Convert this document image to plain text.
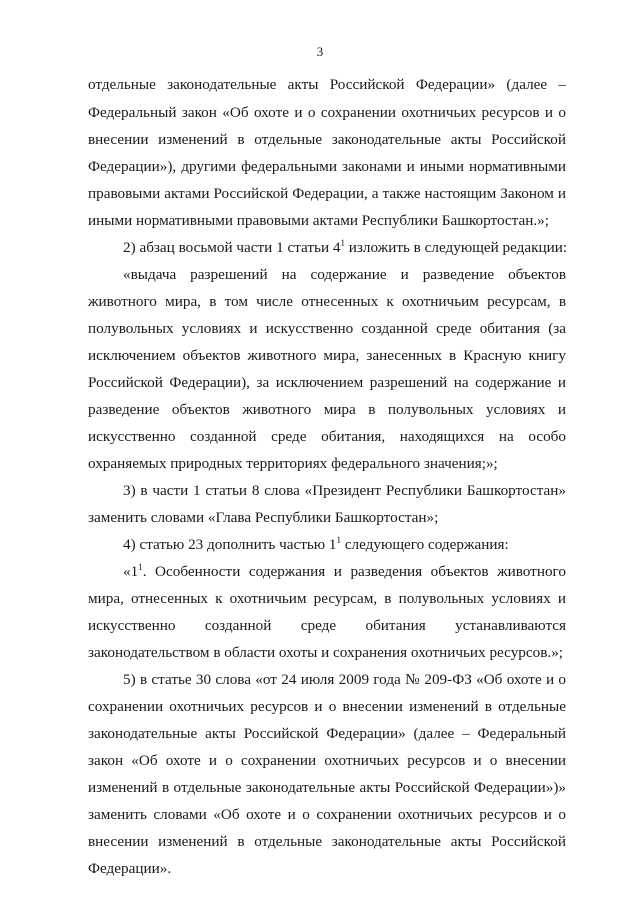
3
отдельные законодательные акты Российской Федерации» (далее –
Федеральный закон «Об охоте и о сохранении охотничьих ресурсов и о
внесении изменений в отдельные законодательные акты Российской
Федерации»), другими федеральными законами и иными нормативными
правовыми актами Российской Федерации, а также настоящим Законом и
иными нормативными правовыми актами Республики Башкортостан.»;
2) абзац восьмой части 1 статьи $4^1$ изложить в следующей редакции:
«выдача разрешений на содержание и разведение объектов
животного мира, в том числе отнесенных к охотничьим ресурсам, в
полувольных условиях и искусственно созданной среде обитания (за
исключением объектов животного мира, занесенных в Красную книгу
Российской Федерации), за исключением разрешений на содержание и
разведение объектов животного мира в полувольных условиях и
искусственно созданной среде обитания, находящихся на особо
охраняемых природных территориях федерального значения;»;
3) в части 1 статьи 8 слова «Президент Республики Башкортостан»
заменить словами «Глава Республики Башкортостан»;
4) статью 23 дополнить частью $1^1$ следующего содержания:
«$1^1$. Особенности содержания и разведения объектов животного
мира, отнесенных к охотничьим ресурсам, в полувольных условиях и
искусственно созданной среде обитания устанавливаются
законодательством в области охоты и сохранения охотничьих ресурсов.»;
5) в статье 30 слова «от 24 июля 2009 года № 209-ФЗ «Об охоте и о
сохранении охотничьих ресурсов и о внесении изменений в отдельные
законодательные акты Российской Федерации» (далее – Федеральный
закон «Об охоте и о сохранении охотничьих ресурсов и о внесении
изменений в отдельные законодательные акты Российской Федерации»)»
заменить словами «Об охоте и о сохранении охотничьих ресурсов и о
внесении изменений в отдельные законодательные акты Российской
Федерации».
